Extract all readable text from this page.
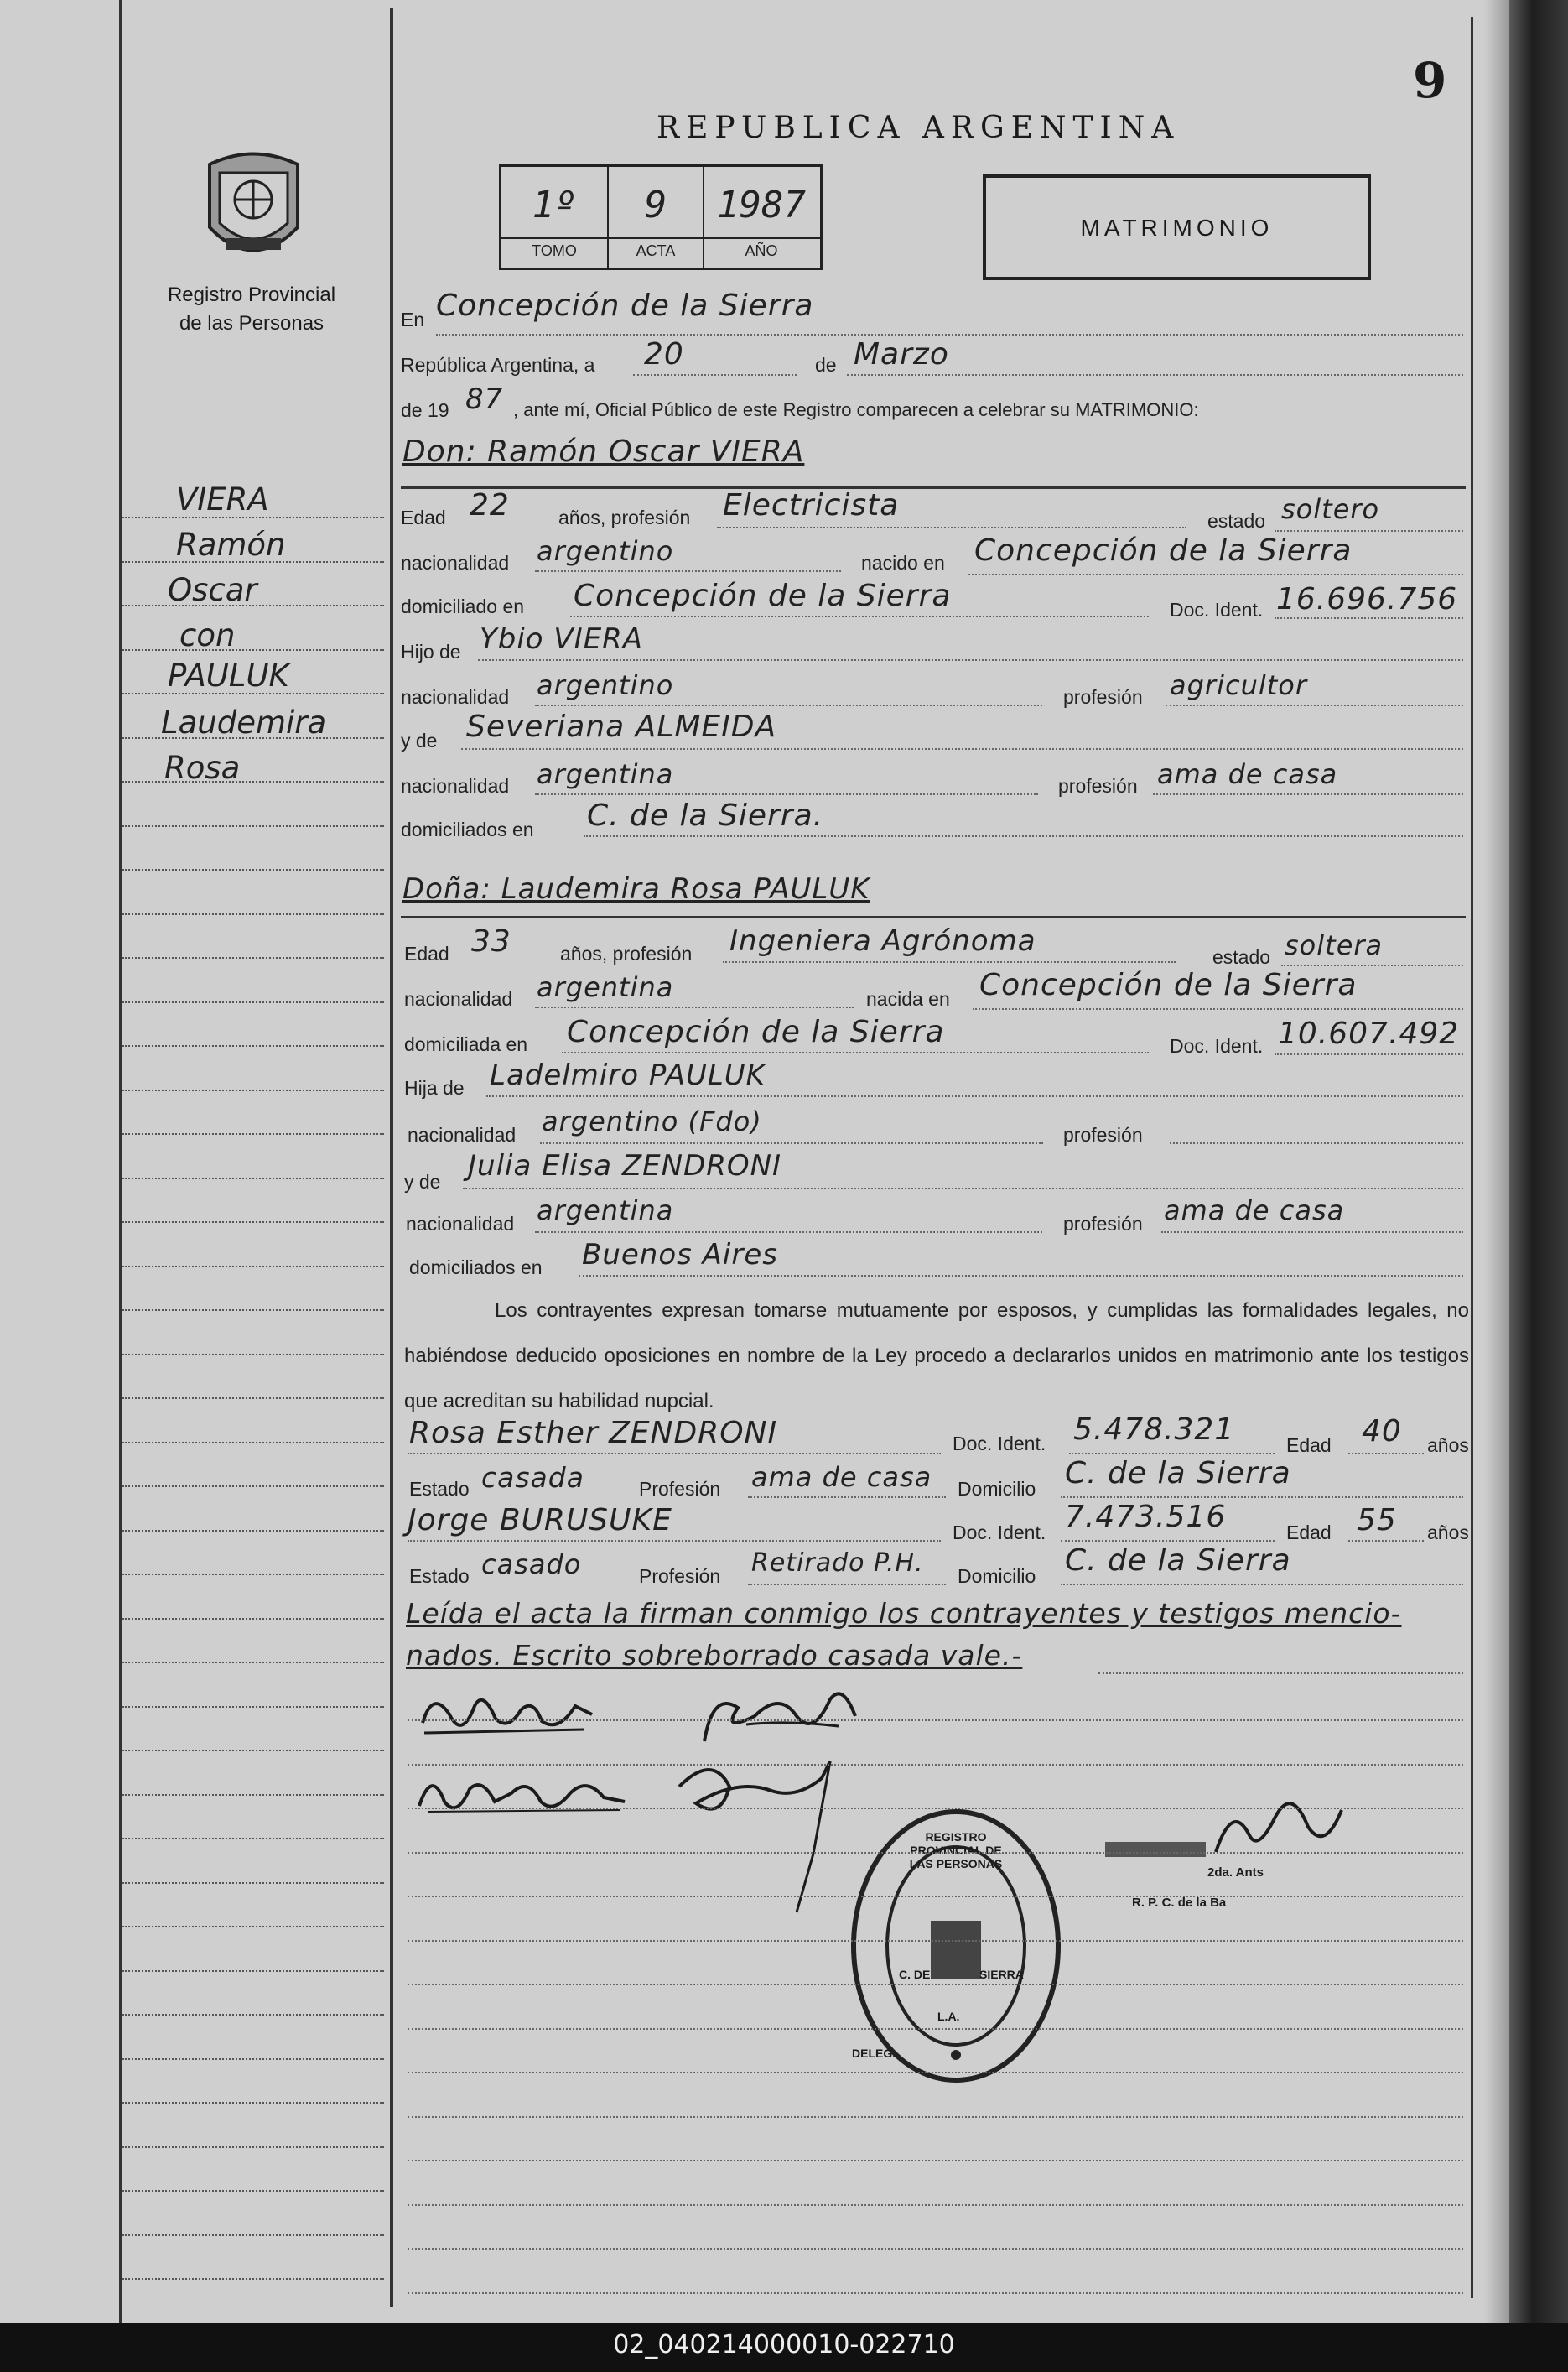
9
REPUBLICA ARGENTINA
Registro Provincial
de las Personas
1º	9	1987
TOMO	ACTA	AÑO
MATRIMONIO
VIERA
Ramón
Oscar
con
PAULUK
Laudemira
Rosa
En Concepción de la Sierra
República Argentina, a 20	de Marzo
de 19 87 , ante mí, Oficial Público de este Registro comparecen a celebrar su MATRIMONIO:
Don: Ramón Oscar VIERA
Edad 22	años, profesión Electricista	estado soltero
nacionalidad argentino	nacido en Concepción de la Sierra
domiciliado en Concepción de la Sierra	Doc. Ident. 16.696.756
Hijo de Ybio VIERA
nacionalidad argentino	profesión agricultor
y de Severiana ALMEIDA
nacionalidad argentina	profesión ama de casa
domiciliados en C. de la Sierra.
Doña: Laudemira Rosa PAULUK
Edad 33	años, profesión Ingeniera Agrónoma	estado soltera
nacionalidad argentina	nacida en Concepción de la Sierra
domiciliada en Concepción de la Sierra	Doc. Ident. 10.607.492
Hija de Ladelmiro PAULUK
nacionalidad argentino (Fdo)	profesión
y de Julia Elisa ZENDRONI
nacionalidad argentina	profesión ama de casa
domiciliados en Buenos Aires
Los contrayentes expresan tomarse mutuamente por esposos, y cumplidas las formalidades legales, no habiéndose deducido oposiciones en nombre de la Ley procedo a declararlos unidos en matrimonio ante los testigos que acreditan su habilidad nupcial.
Rosa Esther ZENDRONI	Doc. Ident. 5.478.321	Edad 40 años
Estado casada	Profesión ama de casa Domicilio C. de la Sierra
Jorge BURUSUKE	Doc. Ident. 7.473.516	Edad 55 años
Estado casado	Profesión Retirado P.H. Domicilio C. de la Sierra
Leída el acta la firman conmigo los contrayentes y testigos mencio-
nados. Escrito sobreborrado casada vale.-
REGISTRO PROVINCIAL DE LAS PERSONAS
C. DE	SIERRA
L.A.
DELEG.
2da. Ants
R. P. C. de la Ba
02_040214000010-022710
